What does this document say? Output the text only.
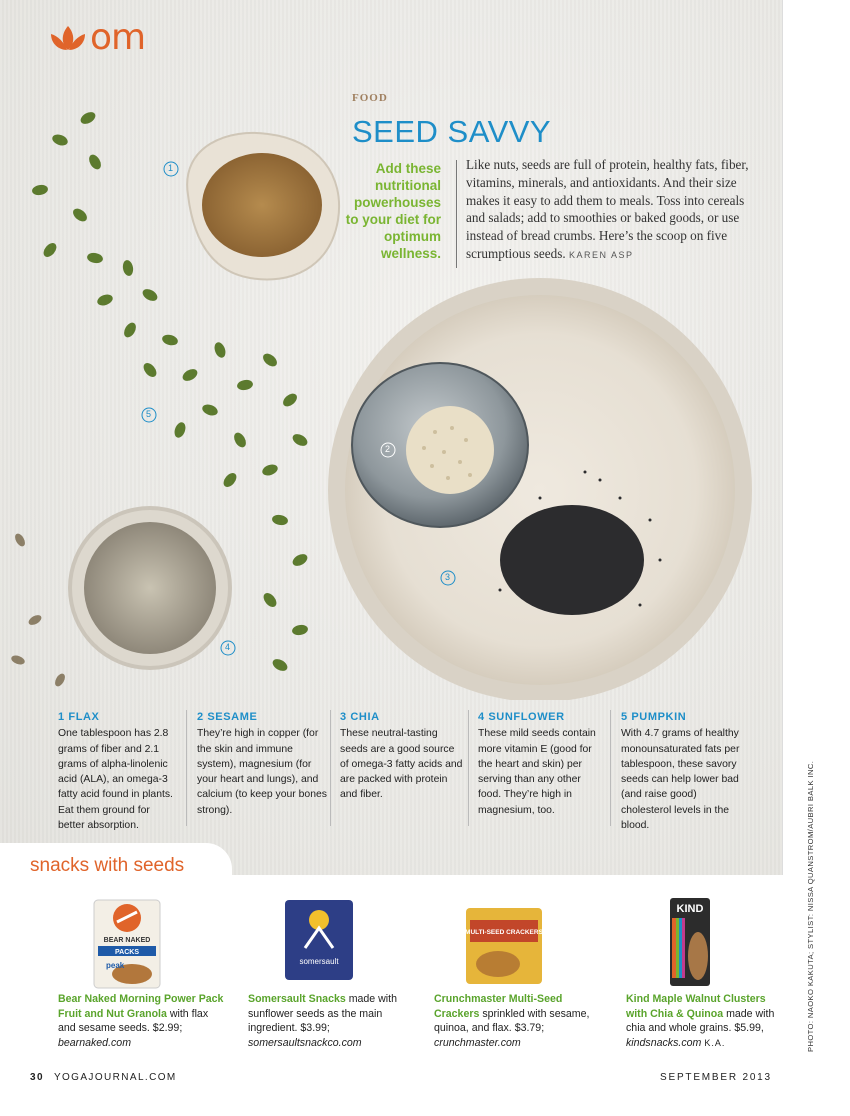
1
2
3
4
5
om
FOOD
SEED SAVVY
Add these nutritional powerhouses to your diet for optimum wellness.
Like nuts, seeds are full of protein, healthy fats, fiber, vitamins, minerals, and antioxidants. And their size makes it easy to add them to meals. Toss into cereals and salads; add to smoothies or baked goods, or use instead of bread crumbs. Here’s the scoop on five scrumptious seeds. KAREN ASP
1 FLAX
One tablespoon has 2.8 grams of fiber and 2.1 grams of alpha-linolenic acid (ALA), an omega-3 fatty acid found in plants. Eat them ground for better absorption.
2 SESAME
They’re high in copper (for the skin and immune system), magnesium (for your heart and lungs), and calcium (to keep your bones strong).
3 CHIA
These neutral-tasting seeds are a good source of omega-3 fatty acids and are packed with protein and fiber.
4 SUNFLOWER
These mild seeds contain more vitamin E (good for the heart and skin) per serving than any other food. They’re high in magnesium, too.
5 PUMPKIN
With 4.7 grams of healthy monounsaturated fats per tablespoon, these savory seeds can help lower bad (and raise good) cholesterol levels in the blood.
snacks with seeds
BEAR NAKED
PACKS
peak	somersault
MULTI-SEED CRACKERS
KIND
Bear Naked Morning Power Pack Fruit and Nut Granola with flax and sesame seeds. $2.99; bearnaked.com
Somersault Snacks made with sunflower seeds as the main ingredient. $3.99; somersaultsnackco.com
Crunchmaster Multi-Seed Crackers sprinkled with sesame, quinoa, and flax. $3.79; crunchmaster.com
Kind Maple Walnut Clusters with Chia & Quinoa made with chia and whole grains. $5.99, kindsnacks.com K.A.	PHOTO: NAOKO KAKUTA; STYLIST: NISSA QUANSTROM/AUBRI BALK INC.
30 YOGAJOURNAL.COM	SEPTEMBER 2013
